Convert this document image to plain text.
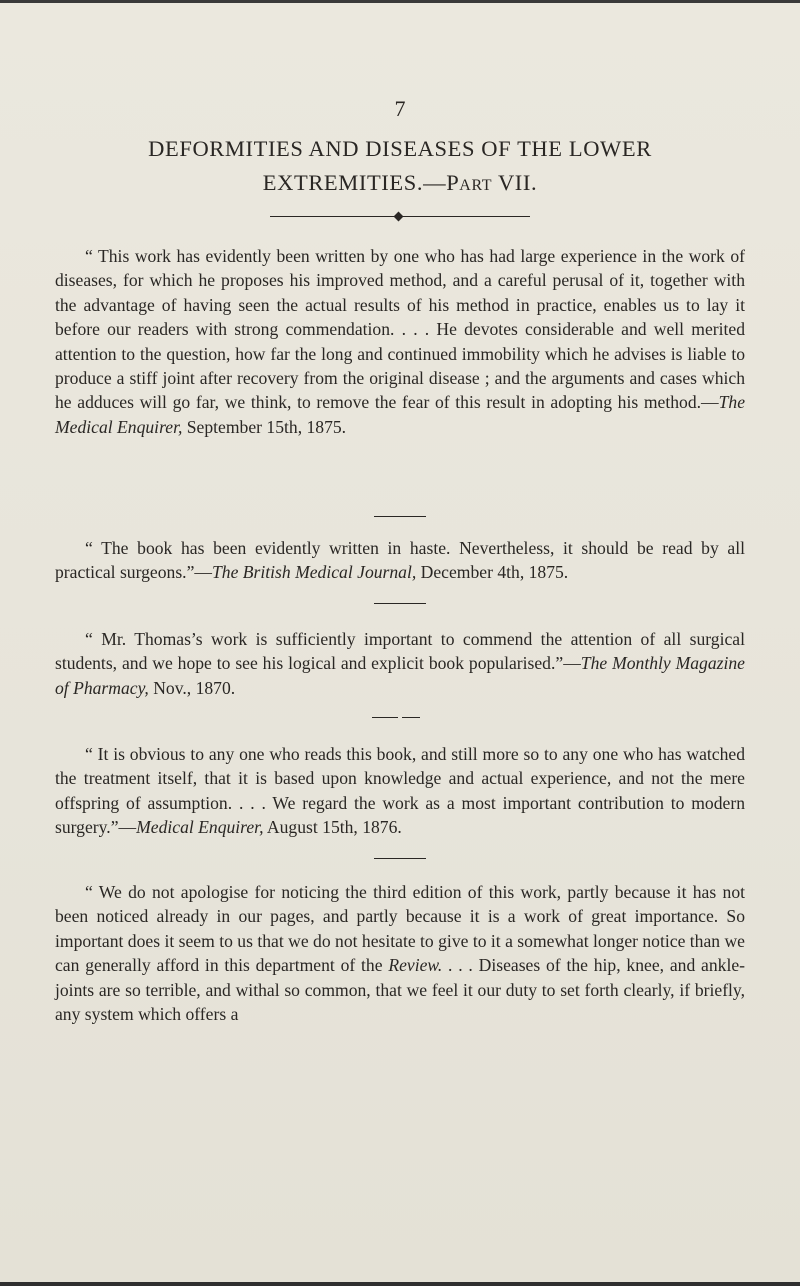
7
DEFORMITIES AND DISEASES OF THE LOWER
EXTREMITIES.—Part VII.

“ This work has evidently been written by one who has had large experience in the work of diseases, for which he proposes his improved method, and a careful perusal of it, together with the advantage of having seen the actual results of his method in practice, enables us to lay it before our readers with strong commendation. . . . He devotes considerable and well merited attention to the question, how far the long and continued immobility which he advises is liable to produce a stiff joint after recovery from the original disease ; and the arguments and cases which he adduces will go far, we think, to remove the fear of this result in adopting his method.—The Medical Enquirer, September 15th, 1875.

“ The book has been evidently written in haste. Nevertheless, it should be read by all practical surgeons.”—The British Medical Journal, December 4th, 1875.

“ Mr. Thomas’s work is sufficiently important to commend the attention of all surgical students, and we hope to see his logical and explicit book popularised.”—The Monthly Magazine of Pharmacy, Nov., 1870.

“ It is obvious to any one who reads this book, and still more so to any one who has watched the treatment itself, that it is based upon knowledge and actual experience, and not the mere offspring of assumption. . . . We regard the work as a most important contribution to modern surgery.”—Medical Enquirer, August 15th, 1876.

“ We do not apologise for noticing the third edition of this work, partly because it has not been noticed already in our pages, and partly because it is a work of great importance. So important does it seem to us that we do not hesitate to give to it a somewhat longer notice than we can generally afford in this department of the Review. . . . Diseases of the hip, knee, and ankle-joints are so terrible, and withal so common, that we feel it our duty to set forth clearly, if briefly, any system which offers a
